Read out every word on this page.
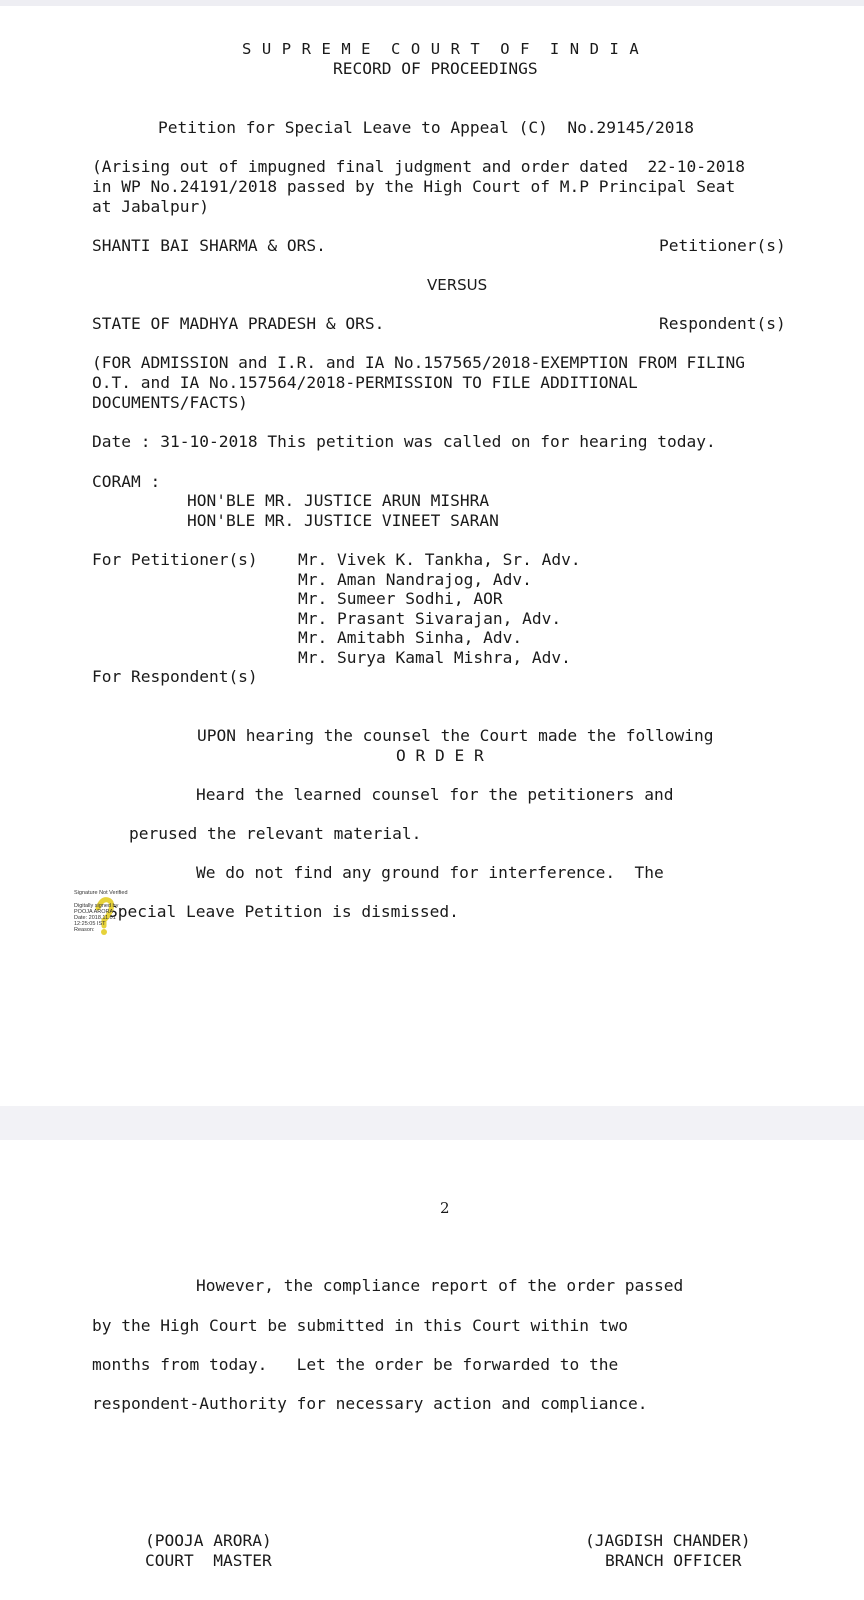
S U P R E M E  C O U R T  O F  I N D I A
RECORD OF PROCEEDINGS
Petition for Special Leave to Appeal (C)  No.29145/2018
(Arising out of impugned final judgment and order dated  22-10-2018
in WP No.24191/2018 passed by the High Court of M.P Principal Seat
at Jabalpur)
SHANTI BAI SHARMA & ORS.	Petitioner(s)
VERSUS
STATE OF MADHYA PRADESH & ORS.	Respondent(s)
(FOR ADMISSION and I.R. and IA No.157565/2018-EXEMPTION FROM FILING
O.T. and IA No.157564/2018-PERMISSION TO FILE ADDITIONAL
DOCUMENTS/FACTS)
Date : 31-10-2018 This petition was called on for hearing today.
CORAM :
HON'BLE MR. JUSTICE ARUN MISHRA
HON'BLE MR. JUSTICE VINEET SARAN
For Petitioner(s) Mr. Vivek K. Tankha, Sr. Adv.
Mr. Aman Nandrajog, Adv.
Mr. Sumeer Sodhi, AOR
Mr. Prasant Sivarajan, Adv.
Mr. Amitabh Sinha, Adv.
Mr. Surya Kamal Mishra, Adv.
For Respondent(s)
UPON hearing the counsel the Court made the following
O R D E R
Heard the learned counsel for the petitioners and
perused the relevant material.
We do not find any ground for interference.  The
Special Leave Petition is dismissed.
Signature Not Verified
Digitally signed by
POOJA ARORA
Date: 2018.11.01
12:25:05 IST
Reason:
2
However, the compliance report of the order passed
by the High Court be submitted in this Court within two
months from today.   Let the order be forwarded to the
respondent-Authority for necessary action and compliance.
(POOJA ARORA)
COURT  MASTER
(JAGDISH CHANDER)
BRANCH OFFICER
